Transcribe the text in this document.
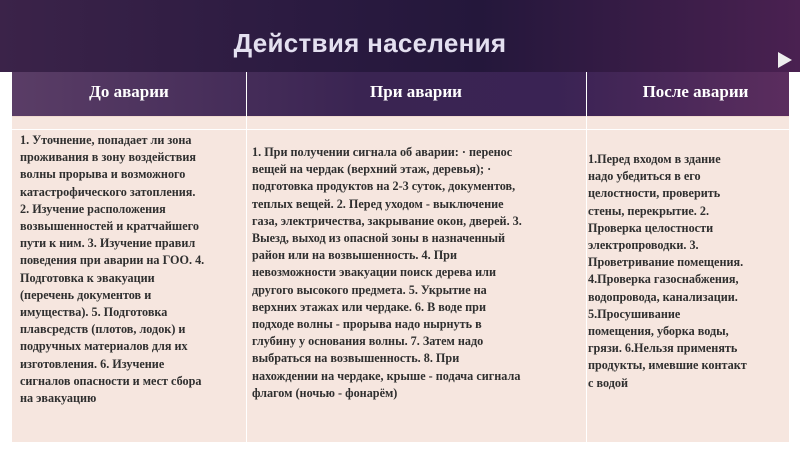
Действия населения
До аварии	При аварии	После аварии
1. Уточнение, попадает ли зона
проживания в зону воздействия
волны прорыва и возможного
катастрофического затопления.
2. Изучение расположения
возвышенностей и кратчайшего
пути к ним. 3. Изучение правил
поведения при аварии на ГОО. 4.
Подготовка к эвакуации
(перечень документов и
имущества). 5. Подготовка
плавсредств (плотов, лодок) и
подручных материалов для их
изготовления. 6. Изучение
сигналов опасности и мест сбора
на эвакуацию
1. При получении сигнала об аварии: · перенос
вещей на чердак (верхний этаж, деревья); ·
подготовка продуктов на 2-3 суток, документов,
теплых вещей. 2. Перед уходом - выключение
газа, электричества, закрывание окон, дверей. 3.
Выезд, выход из опасной зоны в назначенный
район или на возвышенность. 4. При
невозможности эвакуации поиск дерева или
другого высокого предмета. 5. Укрытие на
верхних этажах или чердаке. 6. В воде при
подходе волны - прорыва надо нырнуть в
глубину у основания волны. 7. Затем надо
выбраться на возвышенность. 8. При
нахождении на чердаке, крыше - подача сигнала
флагом (ночью - фонарём)
1.Перед входом в здание
надо убедиться в его
целостности, проверить
стены, перекрытие. 2.
Проверка целостности
электропроводки. 3.
Проветривание помещения.
4.Проверка газоснабжения,
водопровода, канализации.
5.Просушивание
помещения, уборка воды,
грязи. 6.Нельзя применять
продукты, имевшие контакт
с водой
